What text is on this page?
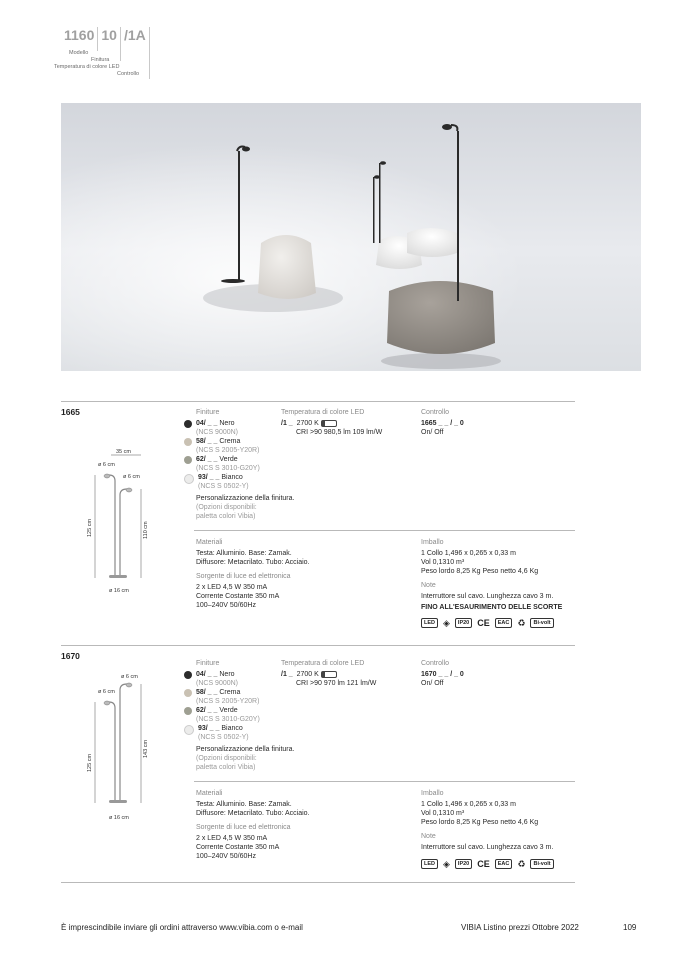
1160 10 /1A
Modello
Finitura
Temperatura di colore LED
Controllo
1665
35 cm
ø 6 cm
ø 6 cm
125 cm	110 cm
ø 16 cm
Finiture
04/ _ _ Nero
(NCS 9000N)
58/ _ _ Crema
(NCS S 2005-Y20R)
62/ _ _ Verde
(NCS S 3010-G20Y)
93/ _ _ Bianco
(NCS S 0502-Y)
Personalizzazione della finitura.
(Opzioni disponibili:
paletta colori Vibia)
Temperatura di colore LED
/1 _ 2700 K
CRI >90 980,5 lm 109 lm/W
Controllo
1665 _ _ / _ 0
On/ Off
Materiali
Testa: Alluminio. Base: Zamak.
Diffusore: Metacrilato. Tubo: Acciaio.
Sorgente di luce ed elettronica
2 x LED 4,5 W 350 mA
Corrente Costante 350 mA
100–240V 50/60Hz
Imballo
1 Collo 1,496 x 0,265 x 0,33 m
Vol 0,1310 m³
Peso lordo 8,25 Kg Peso netto 4,6 Kg
Note
Interruttore sul cavo. Lunghezza cavo 3 m.
FINO ALL'ESAURIMENTO DELLE SCORTE
LED ◈	IP20 CE	EAC ♻	Bi-volt
1670
ø 6 cm
ø 6 cm
125 cm
143 cm
ø 16 cm
Finiture
04/ _ _ Nero
(NCS 9000N)
58/ _ _ Crema
(NCS S 2005-Y20R)
62/ _ _ Verde
(NCS S 3010-G20Y)
93/ _ _ Bianco
(NCS S 0502-Y)
Personalizzazione della finitura.
(Opzioni disponibili:
paletta colori Vibia)
Temperatura di colore LED
/1 _ 2700 K
CRI >90 970 lm 121 lm/W
Controllo
1670 _ _ / _ 0
On/ Off
Materiali
Testa: Alluminio. Base: Zamak.
Diffusore: Metacrilato. Tubo: Acciaio.
Sorgente di luce ed elettronica
2 x LED 4,5 W 350 mA
Corrente Costante 350 mA
100–240V 50/60Hz
Imballo
1 Collo 1,496 x 0,265 x 0,33 m
Vol 0,1310 m³
Peso lordo 8,25 Kg Peso netto 4,6 Kg
Note
Interruttore sul cavo. Lunghezza cavo 3 m.
LED ◈	IP20 CE	EAC ♻	Bi-volt
È imprescindibile inviare gli ordini attraverso www.vibia.com o e-mail	VIBIA Listino prezzi Ottobre 2022	109
